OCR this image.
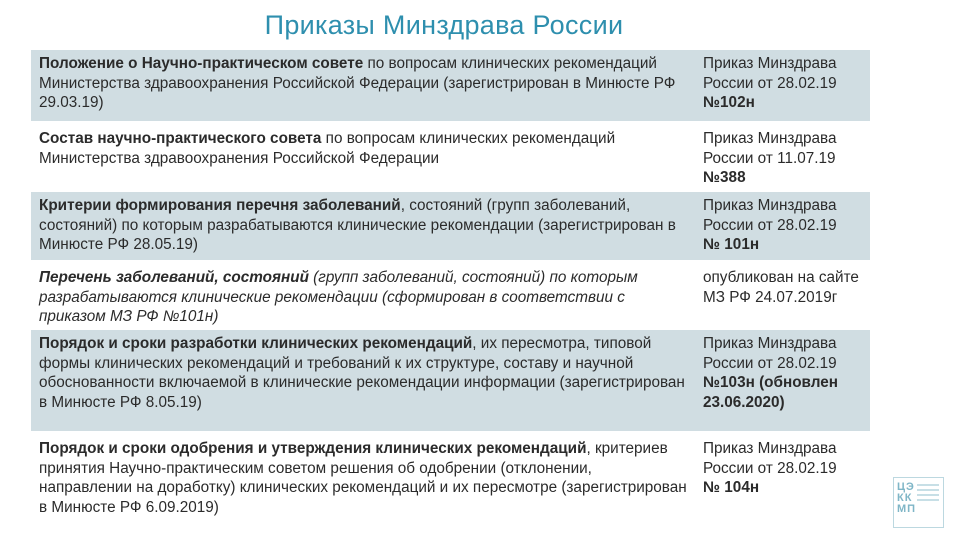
Приказы Минздрава России
Положение о Научно-практическом совете по вопросам клинических рекомендаций Министерства здравоохранения Российской Федерации (зарегистрирован в Минюсте РФ 29.03.19)
Приказ Минздрава России от 28.02.19
№102н
Состав научно-практического совета по вопросам клинических рекомендаций Министерства здравоохранения Российской Федерации
Приказ Минздрава России от 11.07.19
№388
Критерии формирования перечня заболеваний, состояний (групп заболеваний, состояний) по которым разрабатываются клинические рекомендации (зарегистрирован в Минюсте РФ 28.05.19)
Приказ Минздрава России от 28.02.19
№ 101н
Перечень заболеваний, состояний (групп заболеваний, состояний) по которым разрабатываются клинические рекомендации (сформирован в соответствии с приказом МЗ РФ №101н)
опубликован на сайте МЗ РФ 24.07.2019г
Порядок и сроки разработки клинических рекомендаций, их пересмотра, типовой формы клинических рекомендаций и требований к их структуре, составу и научной обоснованности включаемой в клинические рекомендации информации (зарегистрирован в Минюсте РФ 8.05.19)
Приказ Минздрава России от 28.02.19
№103н (обновлен 23.06.2020)
Порядок и сроки одобрения и утверждения клинических рекомендаций, критериев принятия Научно-практическим советом решения об одобрении (отклонении, направлении на доработку) клинических рекомендаций и их пересмотре (зарегистрирован в Минюсте РФ 6.09.2019)
Приказ Минздрава России от 28.02.19
№ 104н	ЦЭ
КК
МП
